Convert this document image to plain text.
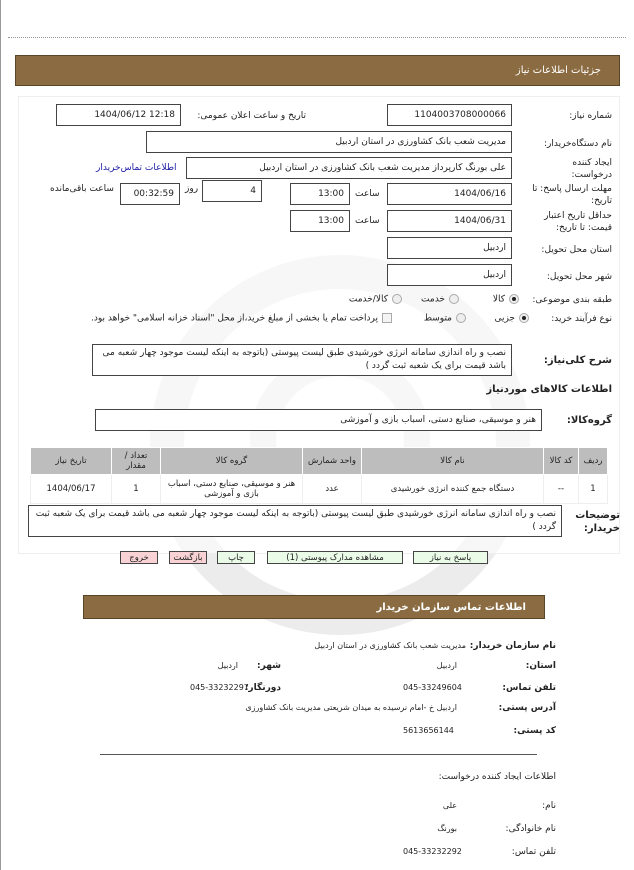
جزئیات اطلاعات نیاز
شماره نیاز:
1104003708000066
تاریخ و ساعت اعلان عمومی:
1404/06/12 12:18
نام دستگاه‌خریدار:
مدیریت شعب بانک کشاورزی در استان اردبیل
ایجاد کننده
درخواست:
علی بورنگ کارپرداز مدیریت شعب بانک کشاورزی در استان اردبیل
اطلاعات تماس‌خریدار
مهلت ارسال پاسخ: تا
تاریخ:
1404/06/16
ساعت
13:00
4
روز
00:32:59
ساعت باقی‌مانده
حداقل تاریخ اعتبار
قیمت: تا تاریخ:
1404/06/31
ساعت
13:00
استان محل تحویل:
اردبیل
شهر محل تحویل:
اردبیل
طبقه بندی موضوعی:
کالا
خدمت
کالا/خدمت
نوع فرآیند خرید:
جزیی
متوسط
پرداخت تمام یا بخشی از مبلغ خرید،از محل "اسناد خزانه اسلامی" خواهد بود.
شرح کلی‌نیاز:
نصب و راه اندازی سامانه انرژی خورشیدی طبق لیست پیوستی (باتوجه به اینکه لیست موجود چهار شعبه می باشد قیمت برای یک شعبه ثبت گردد )
اطلاعات کالاهای موردنیاز
گروه‌کالا:
هنر و موسیقی، صنایع دستی، اسباب بازی و آموزشی
ردیف	کد کالا	نام کالا	واحد شمارش	گروه کالا	تعداد / مقدار	تاریخ نیاز
1	--	دستگاه جمع کننده انرژی خورشیدی	عدد	هنر و موسیقی، صنایع دستی، اسباب بازی و آموزشی	1	1404/06/17
توضیحات
خریدار:
نصب و راه اندازی سامانه انرژی خورشیدی طبق لیست پیوستی (باتوجه به اینکه لیست موجود چهار شعبه می باشد قیمت برای یک شعبه ثبت گردد )
پاسخ به نیاز
مشاهده مدارک پیوستی (1)
چاپ
بازگشت
خروج
اطلاعات تماس سازمان خریدار
نام سازمان خریدار:
مدیریت شعب بانک کشاورزی در استان اردبیل
استان:
اردبیل
شهر:
اردبیل
تلفن تماس:
045-33249604
دورنگار:
045-33232297
آدرس پستی:
اردبیل خ -امام نرسیده به میدان شریعتی مدیریت بانک کشاورزی
کد پستی:
5613656144
اطلاعات ایجاد کننده درخواست:
نام:
علی
نام خانوادگی:
بورنگ
تلفن تماس:
045-33232292
